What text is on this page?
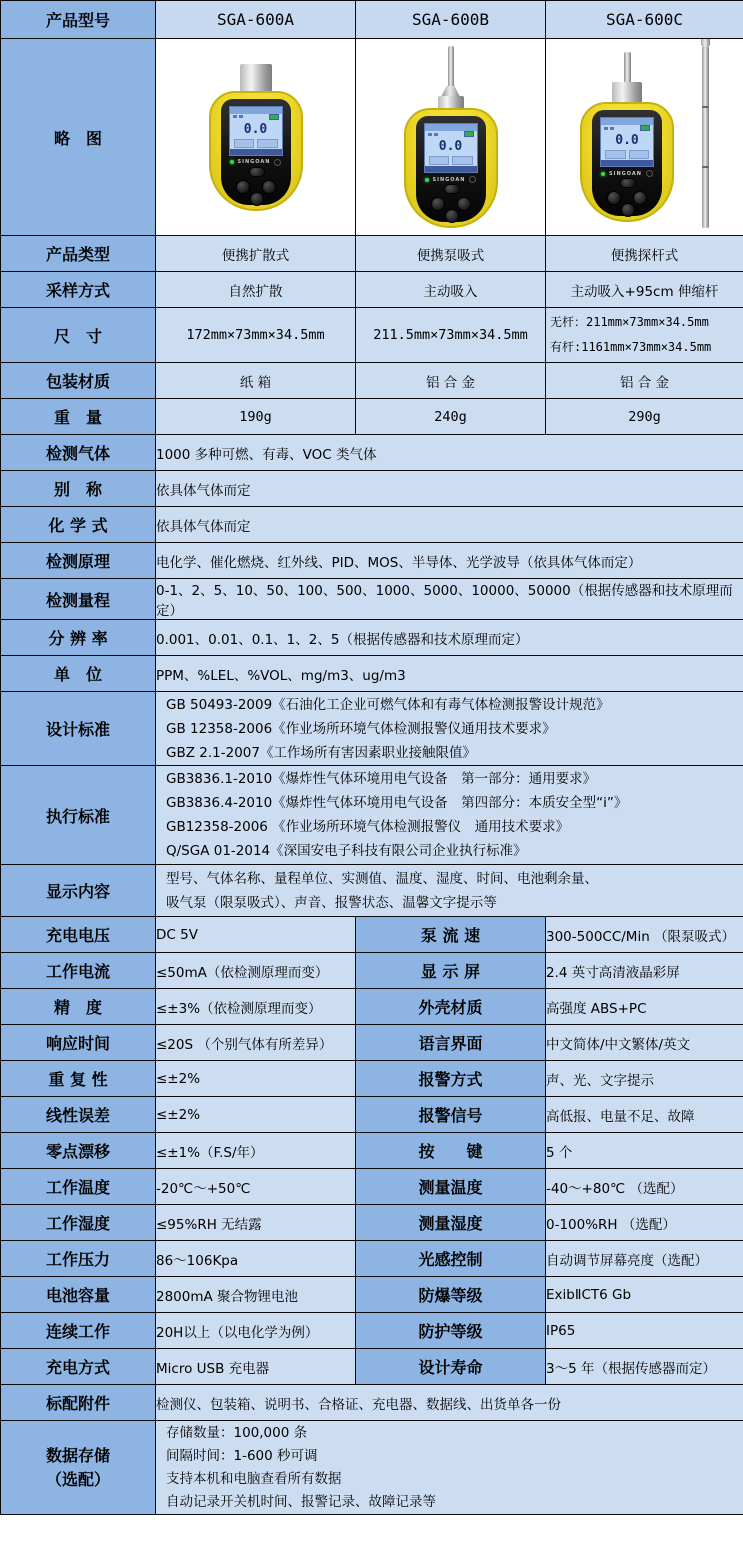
产品型号	SGA-600A	SGA-600B	SGA-600C
略　图	0.0
SINGOAN

0.0
SINGOAN

0.0
SINGOAN

产品类型	便携扩散式	便携泵吸式	便携探杆式
采样方式	自然扩散	主动吸入	主动吸入+95cm 伸缩杆
尺　寸	172mm×73mm×34.5mm	211.5mm×73mm×34.5mm	无杆：211mm×73mm×34.5mm
有杆:1161mm×73mm×34.5mm

包装材质	纸 箱	铝 合 金	铝 合 金
重　量	190g	240g	290g
检测气体	1000 多种可燃、有毒、VOC 类气体		
别　称	依具体气体而定		
化 学 式	依具体气体而定		
检测原理	电化学、催化燃烧、红外线、PID、MOS、半导体、光学波导（依具体气体而定）		
检测量程	0-1、2、5、10、50、100、500、1000、5000、10000、50000（根据传感器和技术原理而定）		
分 辨 率	0.001、0.01、0.1、1、2、5（根据传感器和技术原理而定）		
单　位	PPM、%LEL、%VOL、mg/m3、ug/m3		
设计标准	GB 50493-2009《石油化工企业可燃气体和有毒气体检测报警设计规范》
GB 12358-2006《作业场所环境气体检测报警仪通用技术要求》
GBZ 2.1-2007《工作场所有害因素职业接触限值》		

执行标准	GB3836.1-2010《爆炸性气体环境用电气设备　第一部分：通用要求》
GB3836.4-2010《爆炸性气体环境用电气设备　第四部分：本质安全型“i”》
GB12358-2006 《作业场所环境气体检测报警仪　通用技术要求》
Q/SGA 01-2014《深国安电子科技有限公司企业执行标准》		

显示内容	型号、气体名称、量程单位、实测值、温度、湿度、时间、电池剩余量、
吸气泵（限泵吸式）、声音、报警状态、温馨文字提示等		

充电电压	DC 5V	泵 流 速	300-500CC/Min （限泵吸式）
工作电流	≤50mA（依检测原理而变）	显 示 屏	2.4 英寸高清液晶彩屏
精　度	≤±3%（依检测原理而变）	外壳材质	高强度 ABS+PC
响应时间	≤20S （个别气体有所差异）	语言界面	中文简体/中文繁体/英文
重 复 性	≤±2%	报警方式	声、光、文字提示
线性误差	≤±2%	报警信号	高低报、电量不足、故障
零点漂移	≤±1%（F.S/年）	按　　键	5 个
工作温度	-20℃～+50℃	测量温度	-40～+80℃ （选配）
工作湿度	≤95%RH 无结露	测量湿度	0-100%RH （选配）
工作压力	86～106Kpa	光感控制	自动调节屏幕亮度（选配）
电池容量	2800mA 聚合物锂电池	防爆等级	ExibⅡCT6 Gb
连续工作	20H以上（以电化学为例）	防护等级	IP65
充电方式	Micro USB 充电器	设计寿命	3～5 年（根据传感器而定）
标配附件	检测仪、包装箱、说明书、合格证、充电器、数据线、出货单各一份		

数据存储
（选配）

存储数量：100,000 条
间隔时间：1-600 秒可调
支持本机和电脑查看所有数据
自动记录开关机时间、报警记录、故障记录等
